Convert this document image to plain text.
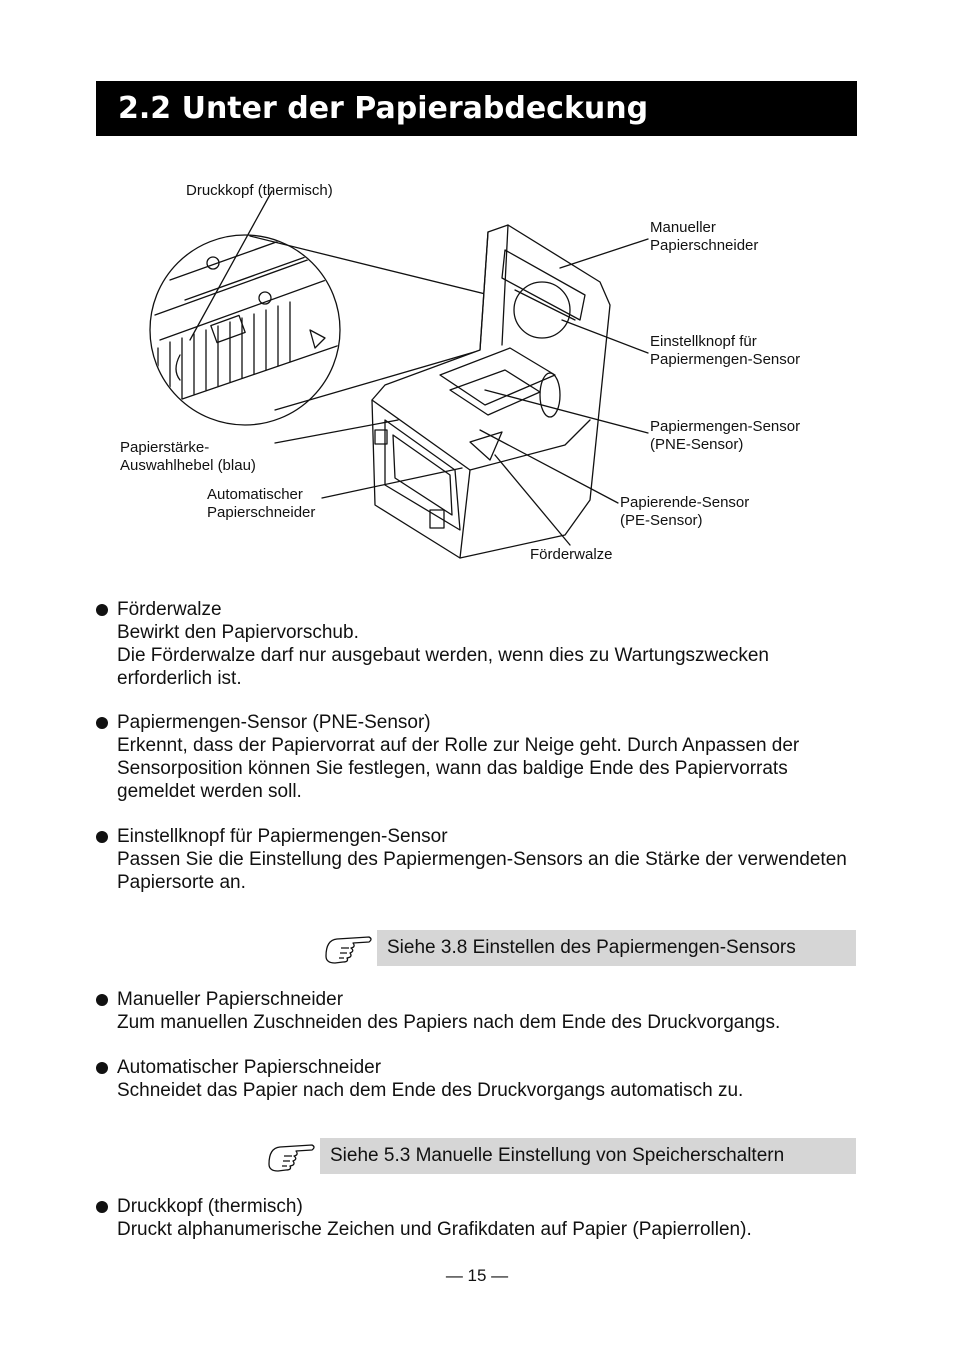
2.2 Unter der Papierabdeckung
Druckkopf (thermisch)
Manueller
Papierschneider
Einstellknopf für
Papiermengen-Sensor
Papiermengen-Sensor
(PNE-Sensor)
Papierstärke-
Auswahlhebel (blau)
Automatischer
Papierschneider
Papierende-Sensor
(PE-Sensor)
Förderwalze
Förderwalze
Bewirkt den Papiervorschub.
Die Förderwalze darf nur ausgebaut werden, wenn dies zu Wartungszwecken erforderlich ist.
Papiermengen-Sensor (PNE-Sensor)
Erkennt, dass der Papiervorrat auf der Rolle zur Neige geht. Durch Anpassen der Sensorposition können Sie festlegen, wann das baldige Ende des Papiervorrats gemeldet werden soll.
Einstellknopf für Papiermengen-Sensor
Passen Sie die Einstellung des Papiermengen-Sensors an die Stärke der verwendeten Papiersorte an.
Manueller Papierschneider
Zum manuellen Zuschneiden des Papiers nach dem Ende des Druckvorgangs.
Automatischer Papierschneider
Schneidet das Papier nach dem Ende des Druckvorgangs automatisch zu.
Druckkopf (thermisch)
Druckt alphanumerische Zeichen und Grafikdaten auf Papier (Papierrollen).
Siehe 3.8 Einstellen des Papiermengen-Sensors
Siehe 5.3 Manuelle Einstellung von Speicherschaltern
— 15 —
